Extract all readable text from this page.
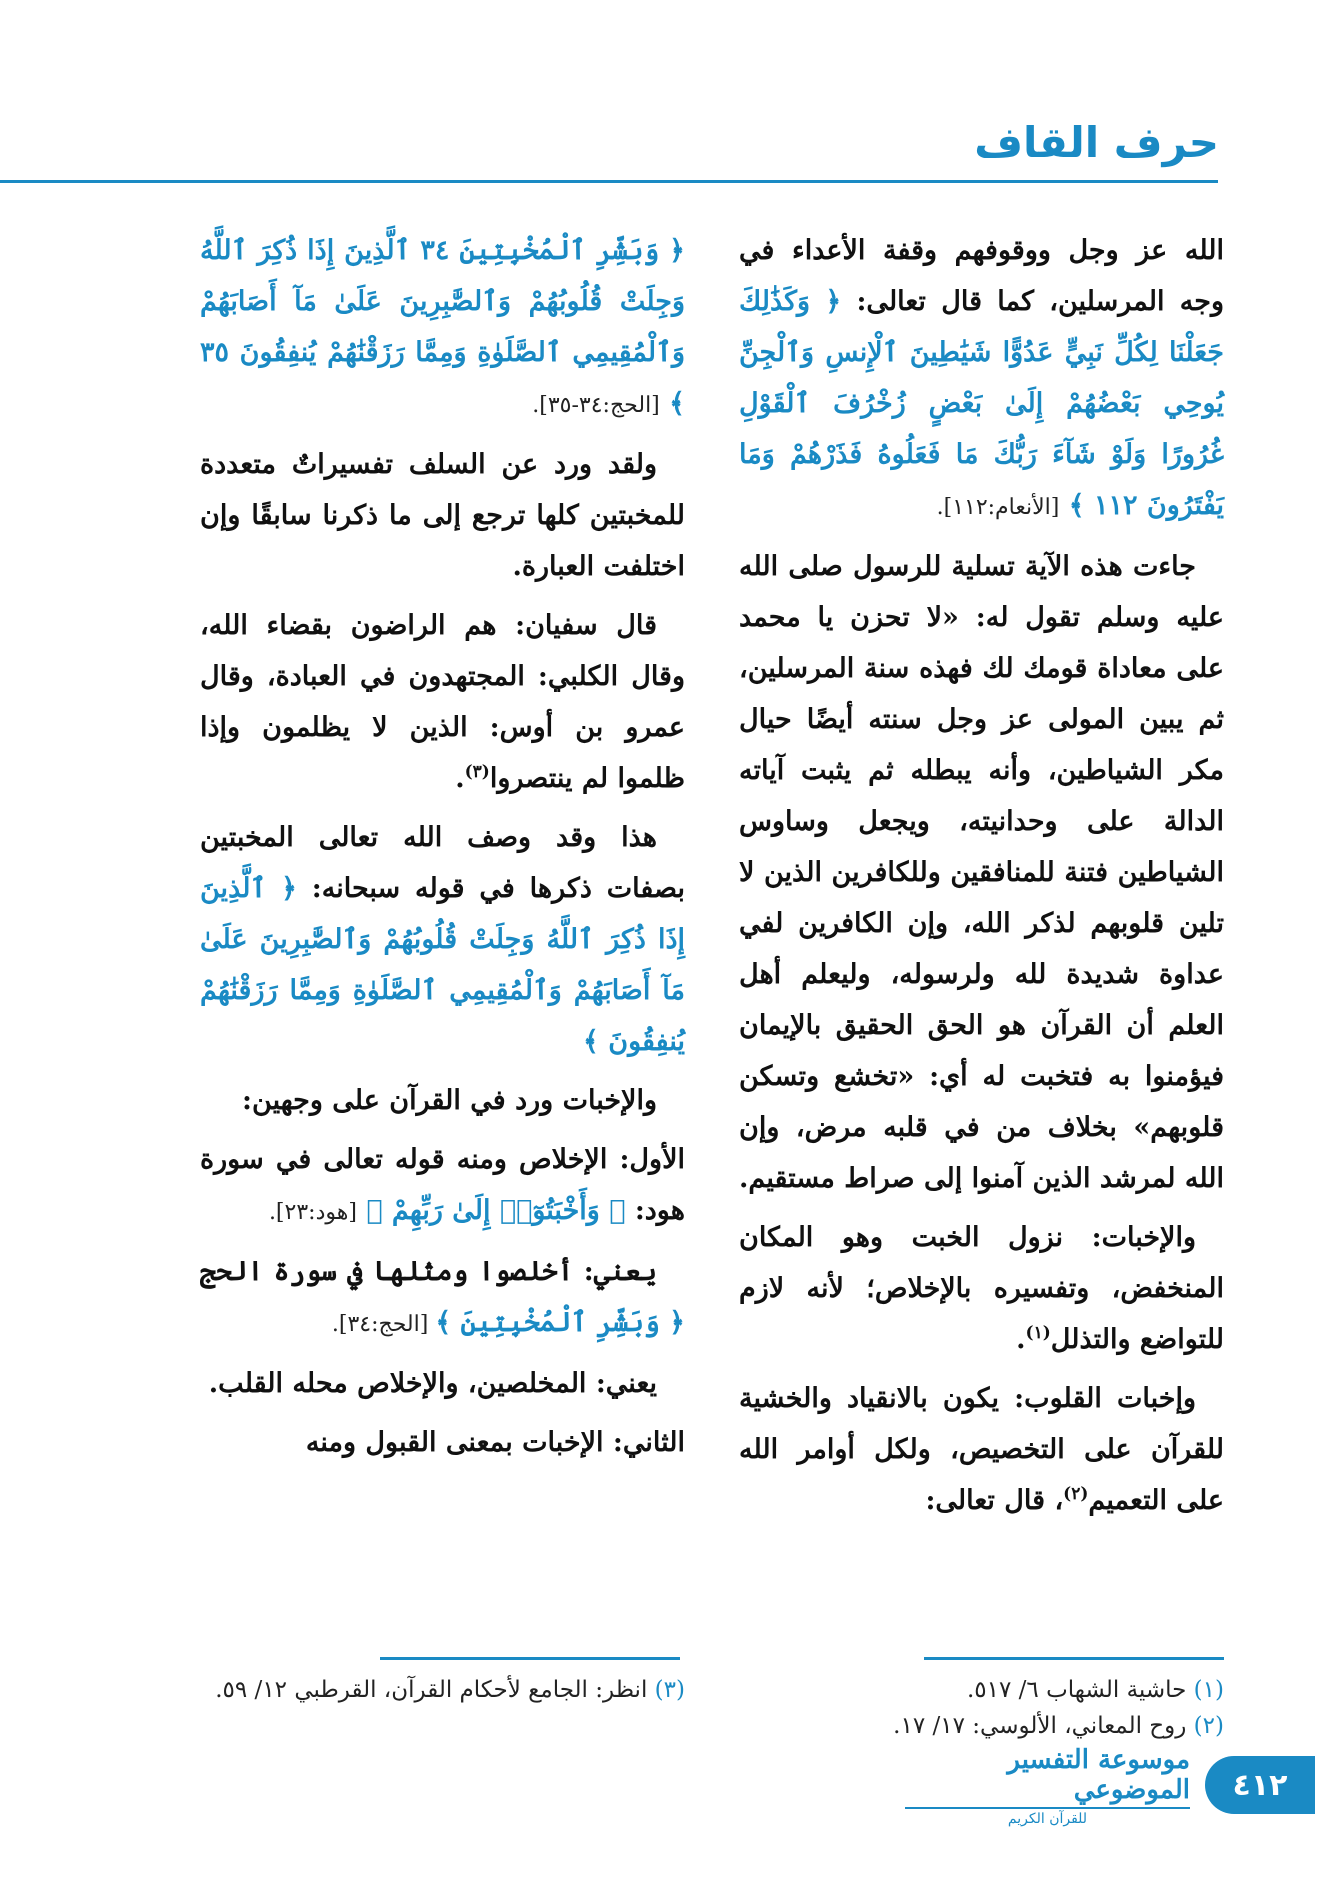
حرف القاف

الله عز وجل ووقوفهم وقفة الأعداء في وجه المرسلين، كما قال تعالى: ﴿ وَكَذَٰلِكَ جَعَلْنَا لِكُلِّ نَبِيٍّ عَدُوًّا شَيَٰطِينَ ٱلْإِنسِ وَٱلْجِنِّ يُوحِي بَعْضُهُمْ إِلَىٰ بَعْضٍ زُخْرُفَ ٱلْقَوْلِ غُرُورًا وَلَوْ شَآءَ رَبُّكَ مَا فَعَلُوهُ فَذَرْهُمْ وَمَا يَفْتَرُونَ ١١٢ ﴾ [الأنعام:١١٢].

جاءت هذه الآية تسلية للرسول صلى الله عليه وسلم تقول له: «لا تحزن يا محمد على معاداة قومك لك فهذه سنة المرسلين، ثم يبين المولى عز وجل سنته أيضًا حيال مكر الشياطين، وأنه يبطله ثم يثبت آياته الدالة على وحدانيته، ويجعل وساوس الشياطين فتنة للمنافقين وللكافرين الذين لا تلين قلوبهم لذكر الله، وإن الكافرين لفي عداوة شديدة لله ولرسوله، وليعلم أهل العلم أن القرآن هو الحق الحقيق بالإيمان فيؤمنوا به فتخبت له أي: «تخشع وتسكن قلوبهم» بخلاف من في قلبه مرض، وإن الله لمرشد الذين آمنوا إلى صراط مستقيم.

والإخبات: نزول الخبت وهو المكان المنخفض، وتفسيره بالإخلاص؛ لأنه لازم للتواضع والتذلل$^{(١)}$.

وإخبات القلوب: يكون بالانقياد والخشية للقرآن على التخصيص، ولكل أوامر الله على التعميم$^{(٢)}$، قال تعالى:

﴿ وَبَشِّرِ ٱلْمُخْبِتِينَ ٣٤ ٱلَّذِينَ إِذَا ذُكِرَ ٱللَّهُ وَجِلَتْ قُلُوبُهُمْ وَٱلصَّٰبِرِينَ عَلَىٰ مَآ أَصَابَهُمْ وَٱلْمُقِيمِي ٱلصَّلَوٰةِ وَمِمَّا رَزَقْنَٰهُمْ يُنفِقُونَ ٣٥ ﴾ [الحج:٣٤-٣٥].

ولقد ورد عن السلف تفسيراتٌ متعددة للمخبتين كلها ترجع إلى ما ذكرنا سابقًا وإن اختلفت العبارة.

قال سفيان: هم الراضون بقضاء الله، وقال الكلبي: المجتهدون في العبادة، وقال عمرو بن أوس: الذين لا يظلمون وإذا ظلموا لم ينتصروا$^{(٣)}$.

هذا وقد وصف الله تعالى المخبتين بصفات ذكرها في قوله سبحانه: ﴿ ٱلَّذِينَ إِذَا ذُكِرَ ٱللَّهُ وَجِلَتْ قُلُوبُهُمْ وَٱلصَّٰبِرِينَ عَلَىٰ مَآ أَصَابَهُمْ وَٱلْمُقِيمِي ٱلصَّلَوٰةِ وَمِمَّا رَزَقْنَٰهُمْ يُنفِقُونَ ﴾

والإخبات ورد في القرآن على وجهين:

الأول: الإخلاص ومنه قوله تعالى في سورة هود: ﴿ وَأَخْبَتُوٓا۟ إِلَىٰ رَبِّهِمْ ﴾ [هود:٢٣].

يعني: أخلصوا ومثلها في سورة الحج ﴿ وَبَشِّرِ ٱلْمُخْبِتِينَ ﴾ [الحج:٣٤].

يعني: المخلصين، والإخلاص محله القلب.

الثاني: الإخبات بمعنى القبول ومنه

(١) حاشية الشهاب ٦/ ٥١٧.
(٢) روح المعاني، الألوسي: ١٧/ ١٧.
(٣) انظر: الجامع لأحكام القرآن، القرطبي ١٢/ ٥٩.
٤١٢
موسوعة التفسير الموضوعي
للقرآن الكريم
